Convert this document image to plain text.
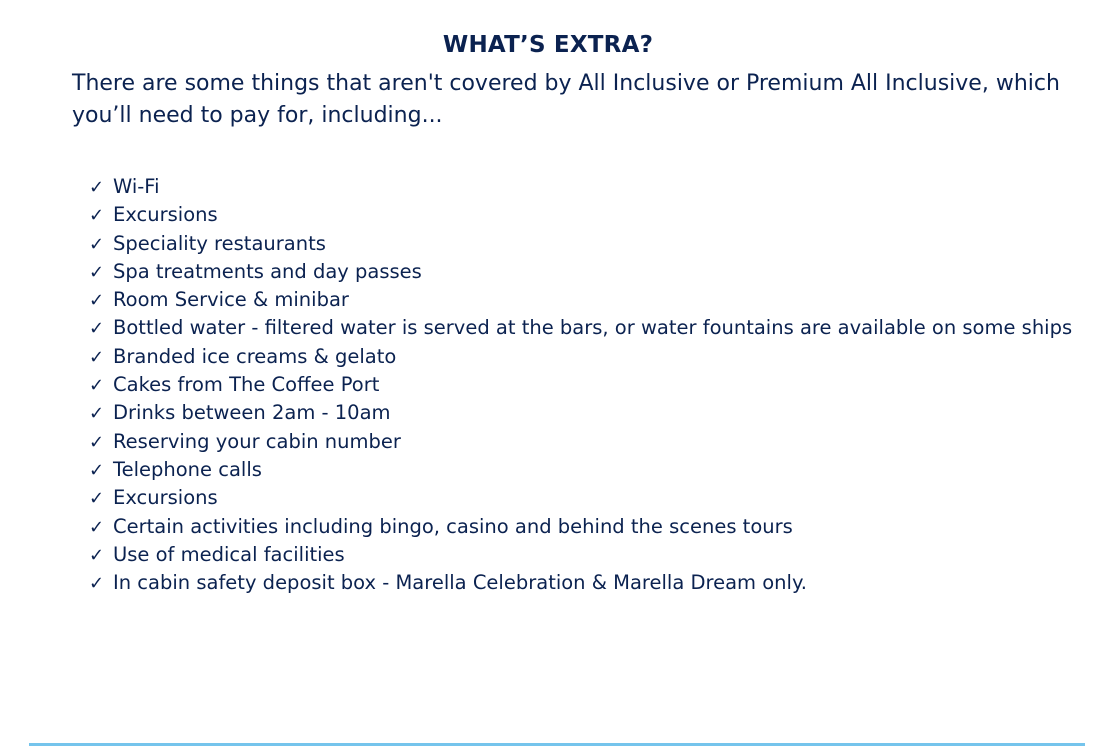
WHAT’S EXTRA?

There are some things that aren't covered by All Inclusive or Premium All Inclusive, which you’ll need to pay for, including...

✓ Wi-Fi
✓ Excursions
✓ Speciality restaurants
✓ Spa treatments and day passes
✓ Room Service & minibar
✓ Bottled water - filtered water is served at the bars, or water fountains are available on some ships
✓ Branded ice creams & gelato
✓ Cakes from The Coffee Port
✓ Drinks between 2am - 10am
✓ Reserving your cabin number
✓ Telephone calls
✓ Excursions
✓ Certain activities including bingo, casino and behind the scenes tours
✓ Use of medical facilities
✓ In cabin safety deposit box - Marella Celebration & Marella Dream only.
